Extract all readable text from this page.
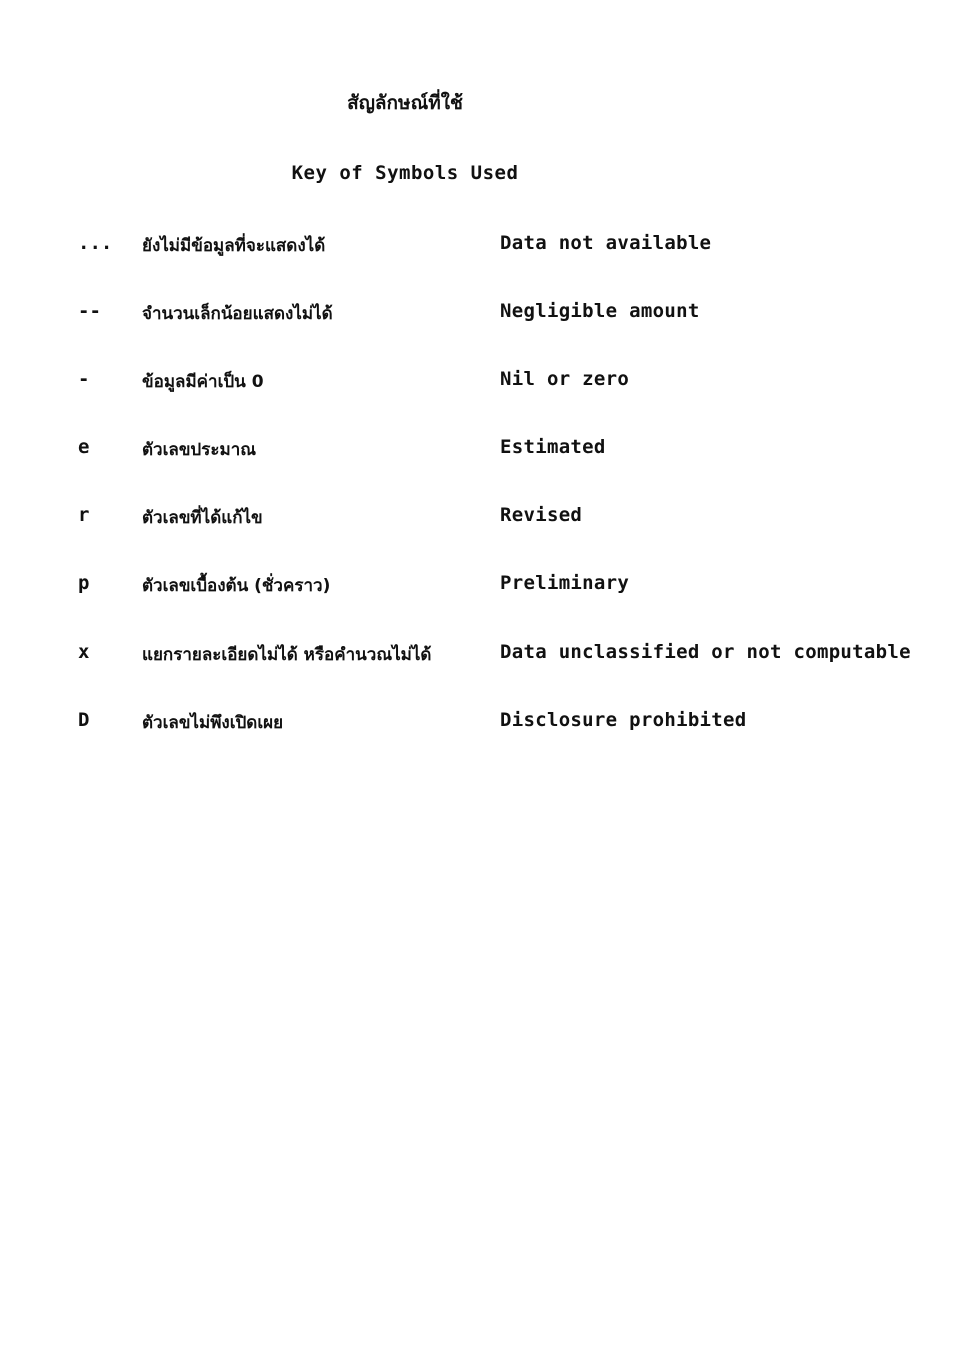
สัญลักษณ์ที่ใช้
Key of Symbols Used
... ยังไม่มีข้อมูลที่จะแสดงได้	Data not available
-- จำนวนเล็กน้อยแสดงไม่ได้	Negligible amount
-	ข้อมูลมีค่าเป็น 0	Nil or zero
e	ตัวเลขประมาณ	Estimated
r	ตัวเลขที่ได้แก้ไข	Revised
p	ตัวเลขเบื้องต้น (ชั่วคราว)	Preliminary
x	แยกรายละเอียดไม่ได้ หรือคำนวณไม่ได้	Data unclassified or not computable
D	ตัวเลขไม่พึงเปิดเผย	Disclosure prohibited
